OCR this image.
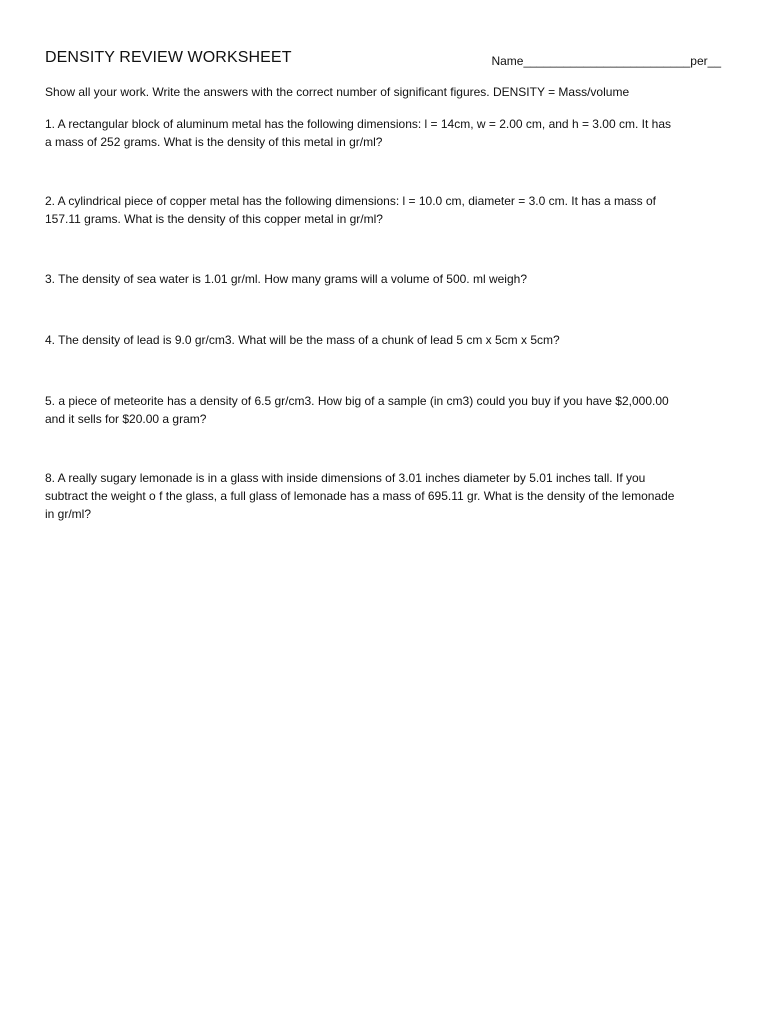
DENSITY REVIEW WORKSHEET	Name_________________________per__
Show all your work. Write the answers with the correct number of significant figures. DENSITY = Mass/volume
1. A rectangular block of aluminum metal has the following dimensions: l = 14cm, w = 2.00 cm, and h = 3.00 cm. It has
a mass of 252 grams. What is the density of this metal in gr/ml?
2. A cylindrical piece of copper metal has the following dimensions: l = 10.0 cm, diameter = 3.0 cm. It has a mass of
157.11 grams. What is the density of this copper metal in gr/ml?
3. The density of sea water is 1.01 gr/ml. How many grams will a volume of 500. ml weigh?
4. The density of lead is 9.0 gr/cm3. What will be the mass of a chunk of lead 5 cm x 5cm x 5cm?
5. a piece of meteorite has a density of 6.5 gr/cm3. How big of a sample (in cm3) could you buy if you have $2,000.00
and it sells for $20.00 a gram?
8. A really sugary lemonade is in a glass with inside dimensions of 3.01 inches diameter by 5.01 inches tall. If you
subtract the weight o f the glass, a full glass of lemonade has a mass of 695.11 gr. What is the density of the lemonade
in gr/ml?
